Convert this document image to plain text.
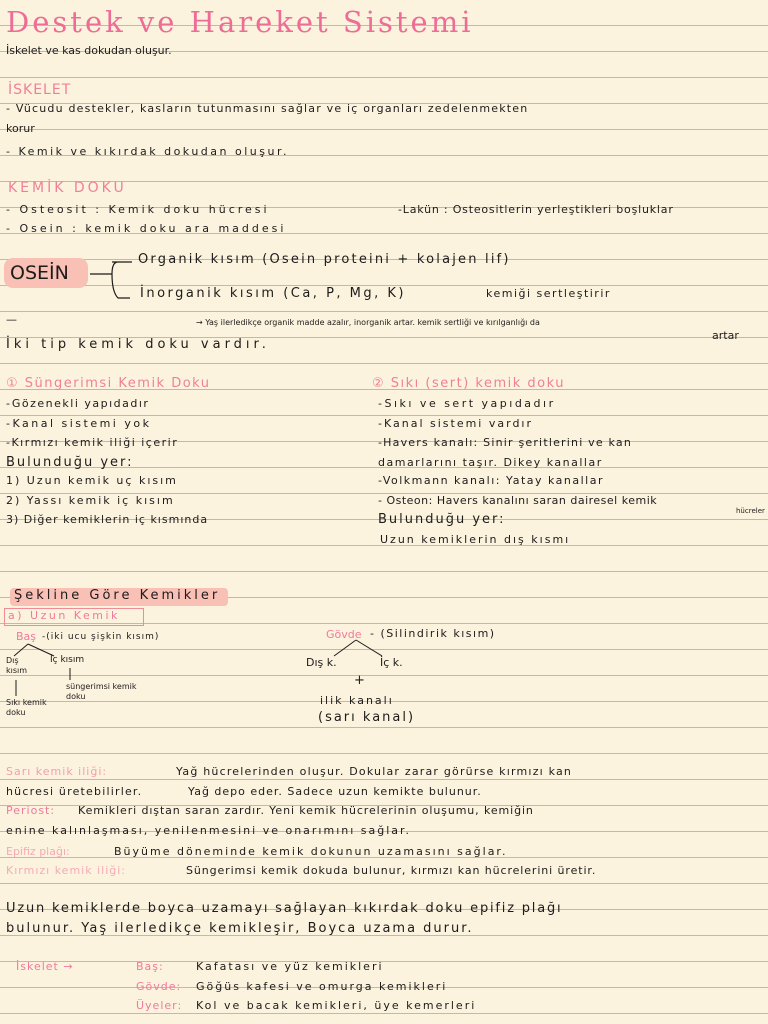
Destek ve Hareket Sistemi
İskelet ve kas dokudan oluşur.
İSKELET
- Vücudu destekler, kasların tutunmasını sağlar ve iç organları zedelenmekten
korur
- Kemik ve kıkırdak dokudan oluşur.
KEMİK DOKU
- Osteosit : Kemik doku hücresi	-Lakün : Osteositlerin yerleştikleri boşluklar
- Osein : kemik doku ara maddesi
OSEİN
Organik kısım (Osein proteini + kolajen lif)
İnorganik kısım (Ca, P, Mg, K)	kemiği sertleştirir
—	→ Yaş ilerledikçe organik madde azalır, inorganik artar. kemik sertliği ve kırılganlığı da
artar
İki tip kemik doku vardır.
① Süngerimsi Kemik Doku
-Gözenekli yapıdadır
-Kanal sistemi yok
-Kırmızı kemik iliği içerir
Bulunduğu yer:
1) Uzun kemik uç kısım
2) Yassı kemik iç kısım
3) Diğer kemiklerin iç kısmında
② Sıkı (sert) kemik doku
-Sıkı ve sert yapıdadır
-Kanal sistemi vardır
-Havers kanalı: Sinir şeritlerini ve kan
damarlarını taşır. Dikey kanallar
-Volkmann kanalı: Yatay kanallar
- Osteon: Havers kanalını saran dairesel kemik
hücreler
Bulunduğu yer:
Uzun kemiklerin dış kısmı
Şekline Göre Kemikler
a) Uzun Kemik
Baş -(iki ucu şişkin kısım)
Dış kısım
İç kısım
süngerimsi kemik doku
Sıkı kemik doku
Gövde - (Silindirik kısım)
Dış k.	İç k.
+
ilik kanalı
(sarı kanal)
Sarı kemik iliği:	Yağ hücrelerinden oluşur. Dokular zarar görürse kırmızı kan
hücresi üretebilirler.	Yağ depo eder. Sadece uzun kemikte bulunur.
Periost: Kemikleri dıştan saran zardır. Yeni kemik hücrelerinin oluşumu, kemiğin
enine kalınlaşması, yenilenmesini ve onarımını sağlar.
Epifiz plağı:	Büyüme döneminde kemik dokunun uzamasını sağlar.
Kırmızı kemik iliği:	Süngerimsi kemik dokuda bulunur, kırmızı kan hücrelerini üretir.
Uzun kemiklerde boyca uzamayı sağlayan kıkırdak doku epifiz plağı
bulunur. Yaş ilerledikçe kemikleşir, Boyca uzama durur.
İskelet →	Baş:	Kafatası ve yüz kemikleri
Gövde: Göğüs kafesi ve omurga kemikleri
Üyeler: Kol ve bacak kemikleri, üye kemerleri
